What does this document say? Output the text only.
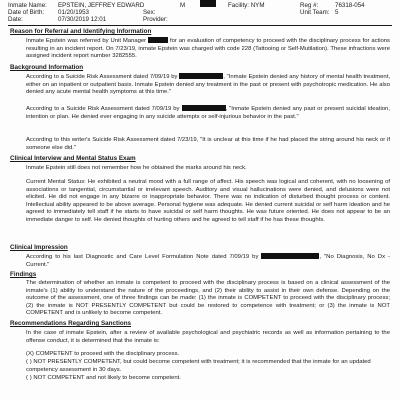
Inmate Name: EPSTEIN, JEFFREY EDWARD
Date of Birth: 01/20/1953
Date:	07/30/2019 12:01
M
Sex:
Provider:
Facility: NYM	Reg #:	76318-054
Unit Team: 5
Reason for Referral and Identifying Information
Inmate Epstein was referred by Unit Manager	for an evaluation of competency to proceed with the disciplinary process for actions resulting in an incident report. On 7/23/19, inmate Epstein was charged with code 228 (Tattooing or Self-Mutilation). These infractions were assigned incident report number 3282555.
Background Information
According to a Suicide Risk Assessment dated 7/09/19 by	, "Inmate Epstein denied any history of mental health treatment, either on an inpatient or outpatient basis. Inmate Epstein denied any treatment in the past or present with psychotropic medication. He also denied any acute mental health symptoms at this time."
According to a Suicide Risk Assessment dated 7/09/19 by	, "Inmate Epstein denied any past or present suicidal ideation, intention or plan. He denied ever engaging in any suicide attempts or self-injurious behavior in the past."
According to this writer's Suicide Risk Assessment dated 7/23/19, "It is unclear at this time if he had placed the string around his neck or if someone else did."
Clinical Interview and Mental Status Exam
Inmate Epstein still does not remember how he obtained the marks around his neck.
Current Mental Status: He exhibited a neutral mood with a full range of affect. His speech was logical and coherent, with no loosening of associations or tangential, circumstantial or irrelevant speech. Auditory and visual hallucinations were denied, and delusions were not elicited. He did not engage in any bizarre or inappropriate behavior. There was no indication of disturbed thought process or content. Intellectual ability appeared to be above average. Personal hygiene was adequate. He denied current suicidal or self harm ideation and he agreed to immediately tell staff if he starts to have suicidal or self harm thoughts. He was future oriented. He does not appear to be an immediate danger to self. He denied thoughts of hurting others and he agreed to tell staff if he has these thoughts.
Clinical Impression
According to his last Diagnostic and Care Level Formulation Note dated 7/09/19 by	, "No Diagnosis, No Dx - Current."
Findings
The determination of whether an inmate is competent to proceed with the disciplinary process is based on a clinical assessment of the inmate's (1) ability to understand the nature of the proceedings, and (2) their ability to assist in their own defense. Depending on the outcome of the assessment, one of three findings can be made: (1) the inmate is COMPETENT to proceed with the disciplinary process; (2) the inmate is NOT PRESENTLY COMPETENT but could be restored to competence with treatment; or (3) the inmate is NOT COMPETENT and is unlikely to become competent.
Recommendations Regarding Sanctions
In the case of inmate Epstein, after a review of available psychological and psychiatric records as well as information pertaining to the offense conduct, it is determined that the inmate is:
(X) COMPETENT to proceed with the disciplinary process.
( ) NOT PRESENTLY COMPETENT, but could become competent with treatment; it is recommended that the inmate for an updated competency assessment in 30 days.
( ) NOT COMPETENT and not likely to become competent.
